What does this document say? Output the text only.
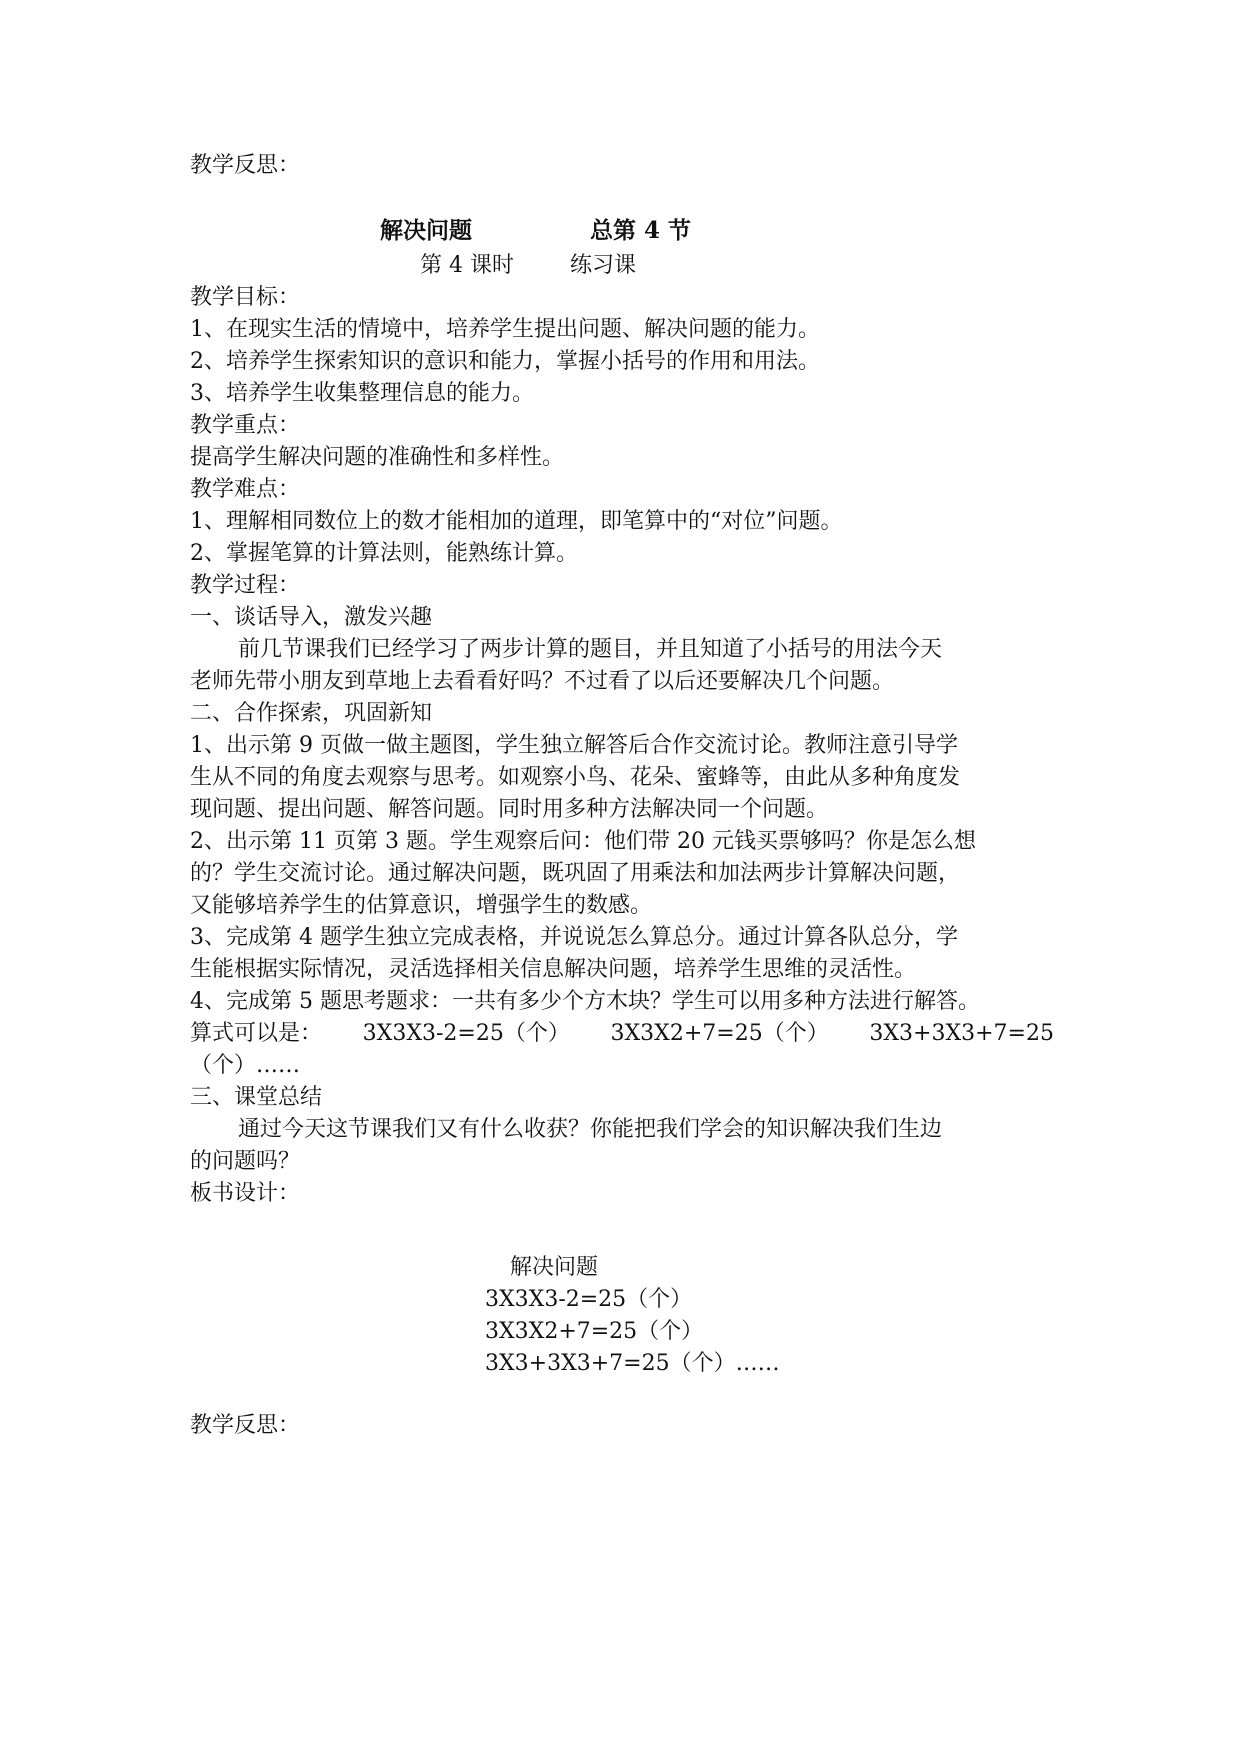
教学反思：
解决问题	总第 4 节
第 4 课时	练习课
教学目标：
1、在现实生活的情境中，培养学生提出问题、解决问题的能力。
2、培养学生探索知识的意识和能力，掌握小括号的作用和用法。
3、培养学生收集整理信息的能力。
教学重点：
提高学生解决问题的准确性和多样性。
教学难点：
1、理解相同数位上的数才能相加的道理，即笔算中的“对位”问题。
2、掌握笔算的计算法则，能熟练计算。
教学过程：
一、谈话导入，激发兴趣
前几节课我们已经学习了两步计算的题目，并且知道了小括号的用法今天
老师先带小朋友到草地上去看看好吗？不过看了以后还要解决几个问题。
二、合作探索，巩固新知
1、出示第 9 页做一做主题图，学生独立解答后合作交流讨论。教师注意引导学
生从不同的角度去观察与思考。如观察小鸟、花朵、蜜蜂等，由此从多种角度发
现问题、提出问题、解答问题。同时用多种方法解决同一个问题。
2、出示第 11 页第 3 题。学生观察后问：他们带 20 元钱买票够吗？你是怎么想
的？学生交流讨论。通过解决问题，既巩固了用乘法和加法两步计算解决问题，
又能够培养学生的估算意识，增强学生的数感。
3、完成第 4 题学生独立完成表格，并说说怎么算总分。通过计算各队总分，学
生能根据实际情况，灵活选择相关信息解决问题，培养学生思维的灵活性。
4、完成第 5 题思考题求：一共有多少个方木块？学生可以用多种方法进行解答。
算式可以是： 3X3X3-2=25（个） 3X3X2+7=25（个） 3X3+3X3+7=25
（个）……
三、课堂总结
通过今天这节课我们又有什么收获？你能把我们学会的知识解决我们生边
的问题吗？
板书设计：
解决问题
3X3X3-2=25（个）
3X3X2+7=25（个）
3X3+3X3+7=25（个）……
教学反思：
